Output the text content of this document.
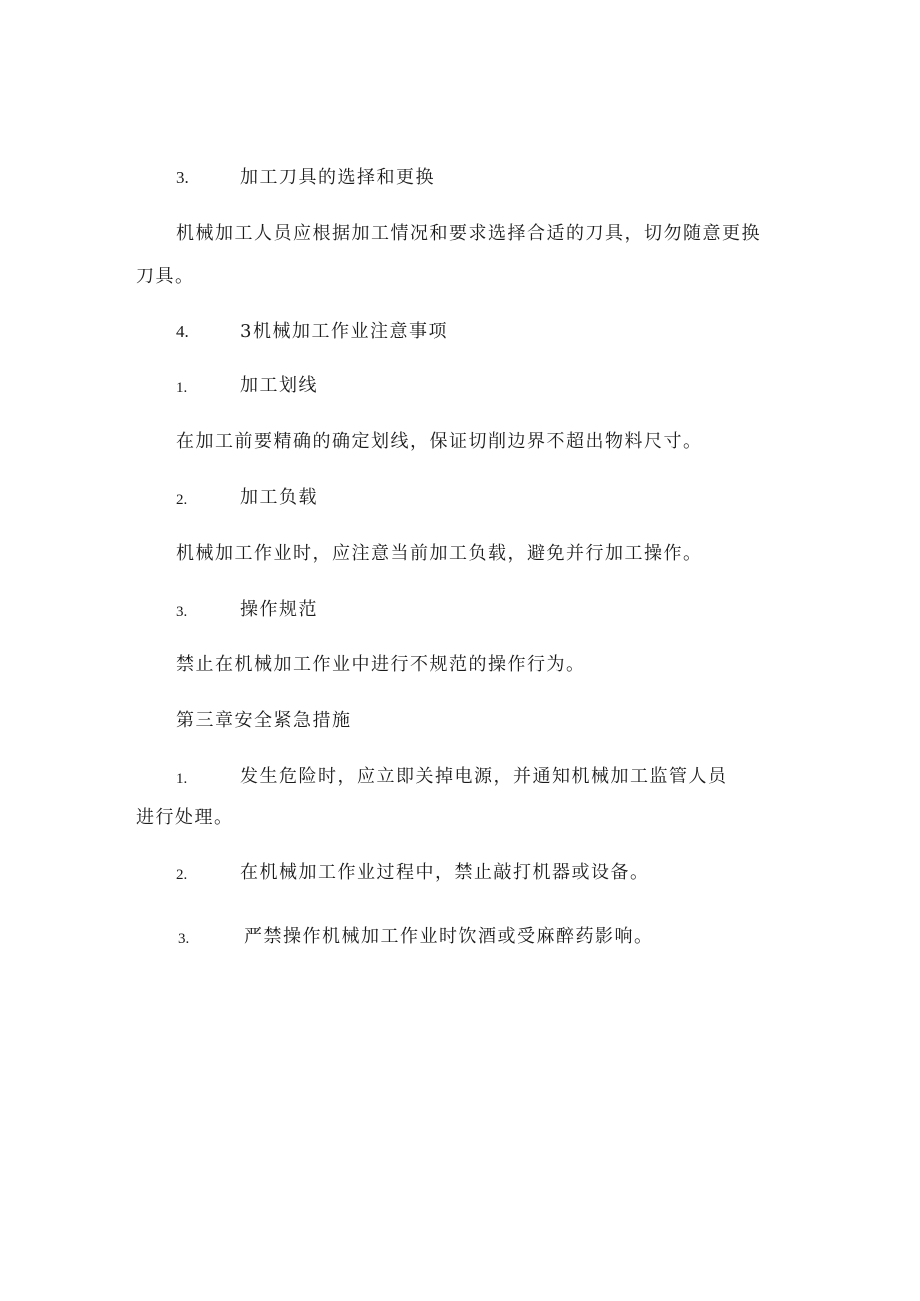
3.	加工刀具的选择和更换
机械加工人员应根据加工情况和要求选择合适的刀具，切勿随意更换
刀具。
4.	3机械加工作业注意事项
1.	加工划线
在加工前要精确的确定划线，保证切削边界不超出物料尺寸。
2.	加工负载
机械加工作业时，应注意当前加工负载，避免并行加工操作。
3.	操作规范
禁止在机械加工作业中进行不规范的操作行为。
第三章安全紧急措施
1.	发生危险时，应立即关掉电源，并通知机械加工监管人员
进行处理。
2.	在机械加工作业过程中，禁止敲打机器或设备。
3.	严禁操作机械加工作业时饮酒或受麻醉药影响。
